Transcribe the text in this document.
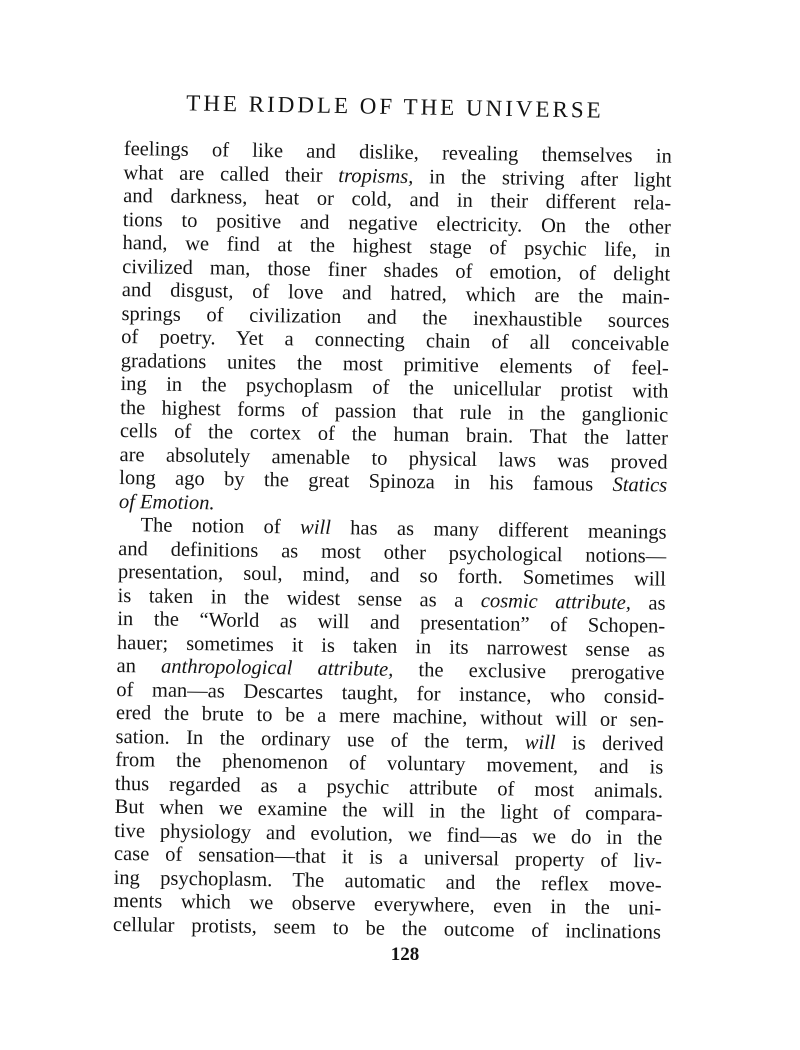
THE RIDDLE OF THE UNIVERSE
feelings of like and dislike, revealing themselves in
what are called their tropisms, in the striving after light
and darkness, heat or cold, and in their different rela-
tions to positive and negative electricity. On the other
hand, we find at the highest stage of psychic life, in
civilized man, those finer shades of emotion, of delight
and disgust, of love and hatred, which are the main-
springs of civilization and the inexhaustible sources
of poetry. Yet a connecting chain of all conceivable
gradations unites the most primitive elements of feel-
ing in the psychoplasm of the unicellular protist with
the highest forms of passion that rule in the ganglionic
cells of the cortex of the human brain. That the latter
are absolutely amenable to physical laws was proved
long ago by the great Spinoza in his famous Statics
of Emotion.
The notion of will has as many different meanings
and definitions as most other psychological notions—
presentation, soul, mind, and so forth. Sometimes will
is taken in the widest sense as a cosmic attribute, as
in the “World as will and presentation” of Schopen-
hauer; sometimes it is taken in its narrowest sense as
an anthropological attribute, the exclusive prerogative
of man—as Descartes taught, for instance, who consid-
ered the brute to be a mere machine, without will or sen-
sation. In the ordinary use of the term, will is derived
from the phenomenon of voluntary movement, and is
thus regarded as a psychic attribute of most animals.
But when we examine the will in the light of compara-
tive physiology and evolution, we find—as we do in the
case of sensation—that it is a universal property of liv-
ing psychoplasm. The automatic and the reflex move-
ments which we observe everywhere, even in the uni-
cellular protists, seem to be the outcome of inclinations
128
